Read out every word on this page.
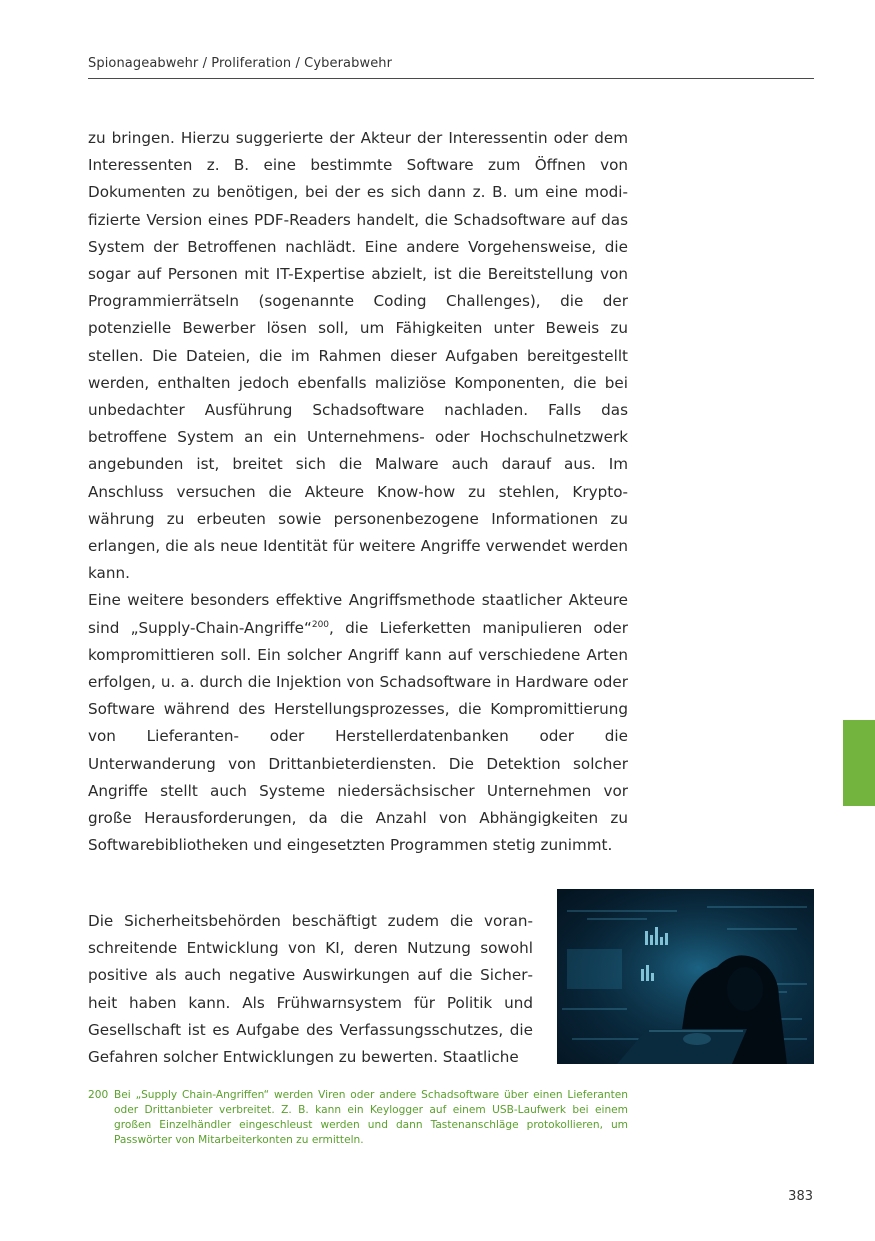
Spionageabwehr / Proliferation / Cyberabwehr

zu bringen. Hierzu suggerierte der Akteur der Interessentin oder dem Interessenten z. B. eine bestimmte Software zum Öffnen von Dokumenten zu benötigen, bei der es sich dann z. B. um eine modifizierte Version eines PDF-Readers handelt, die Schadsoftware auf das System der Betroffenen nachlädt. Eine andere Vorgehensweise, die sogar auf Personen mit IT-Expertise abzielt, ist die Bereitstellung von Programmierrätseln (sogenannte Coding Challenges), die der potenzielle Bewerber lösen soll, um Fähigkeiten unter Beweis zu stellen. Die Dateien, die im Rahmen dieser Aufgaben bereitgestellt werden, enthalten jedoch ebenfalls maliziöse Komponenten, die bei unbedachter Ausführung Schadsoftware nachladen. Falls das betroffene System an ein Unternehmens- oder Hochschulnetzwerk angebunden ist, breitet sich die Malware auch darauf aus. Im Anschluss versuchen die Akteure Know-how zu stehlen, Kryptowährung zu erbeuten sowie personenbezogene Informationen zu erlangen, die als neue Identität für weitere Angriffe verwendet werden kann.

Eine weitere besonders effektive Angriffsmethode staatlicher Akteure sind „Supply-Chain-Angriffe“$^{200}$, die Lieferketten manipulieren oder kompromittieren soll. Ein solcher Angriff kann auf verschiedene Arten erfolgen, u. a. durch die Injektion von Schadsoftware in Hardware oder Software während des Herstellungsprozesses, die Kompromittierung von Lieferanten- oder Herstellerdatenbanken oder die Unterwanderung von Drittanbieterdiensten. Die Detektion solcher Angriffe stellt auch Systeme niedersächsischer Unternehmen vor große Herausforderungen, da die Anzahl von Abhängigkeiten zu Softwarebibliotheken und eingesetzten Programmen stetig zunimmt.

Die Sicherheitsbehörden beschäftigt zudem die voranschreitende Entwicklung von KI, deren Nutzung sowohl positive als auch negative Auswirkungen auf die Sicherheit haben kann. Als Frühwarnsystem für Politik und Gesellschaft ist es Aufgabe des Verfassungsschutzes, die Gefahren solcher Entwicklungen zu bewerten. Staatliche

200 Bei „Supply Chain-Angriffen“ werden Viren oder andere Schadsoftware über einen Lieferanten oder Drittanbieter verbreitet. Z. B. kann ein Keylogger auf einem USB-Laufwerk bei einem großen Einzelhändler eingeschleust werden und dann Tastenanschläge protokollieren, um Passwörter von Mitarbeiterkonten zu ermitteln.
383
